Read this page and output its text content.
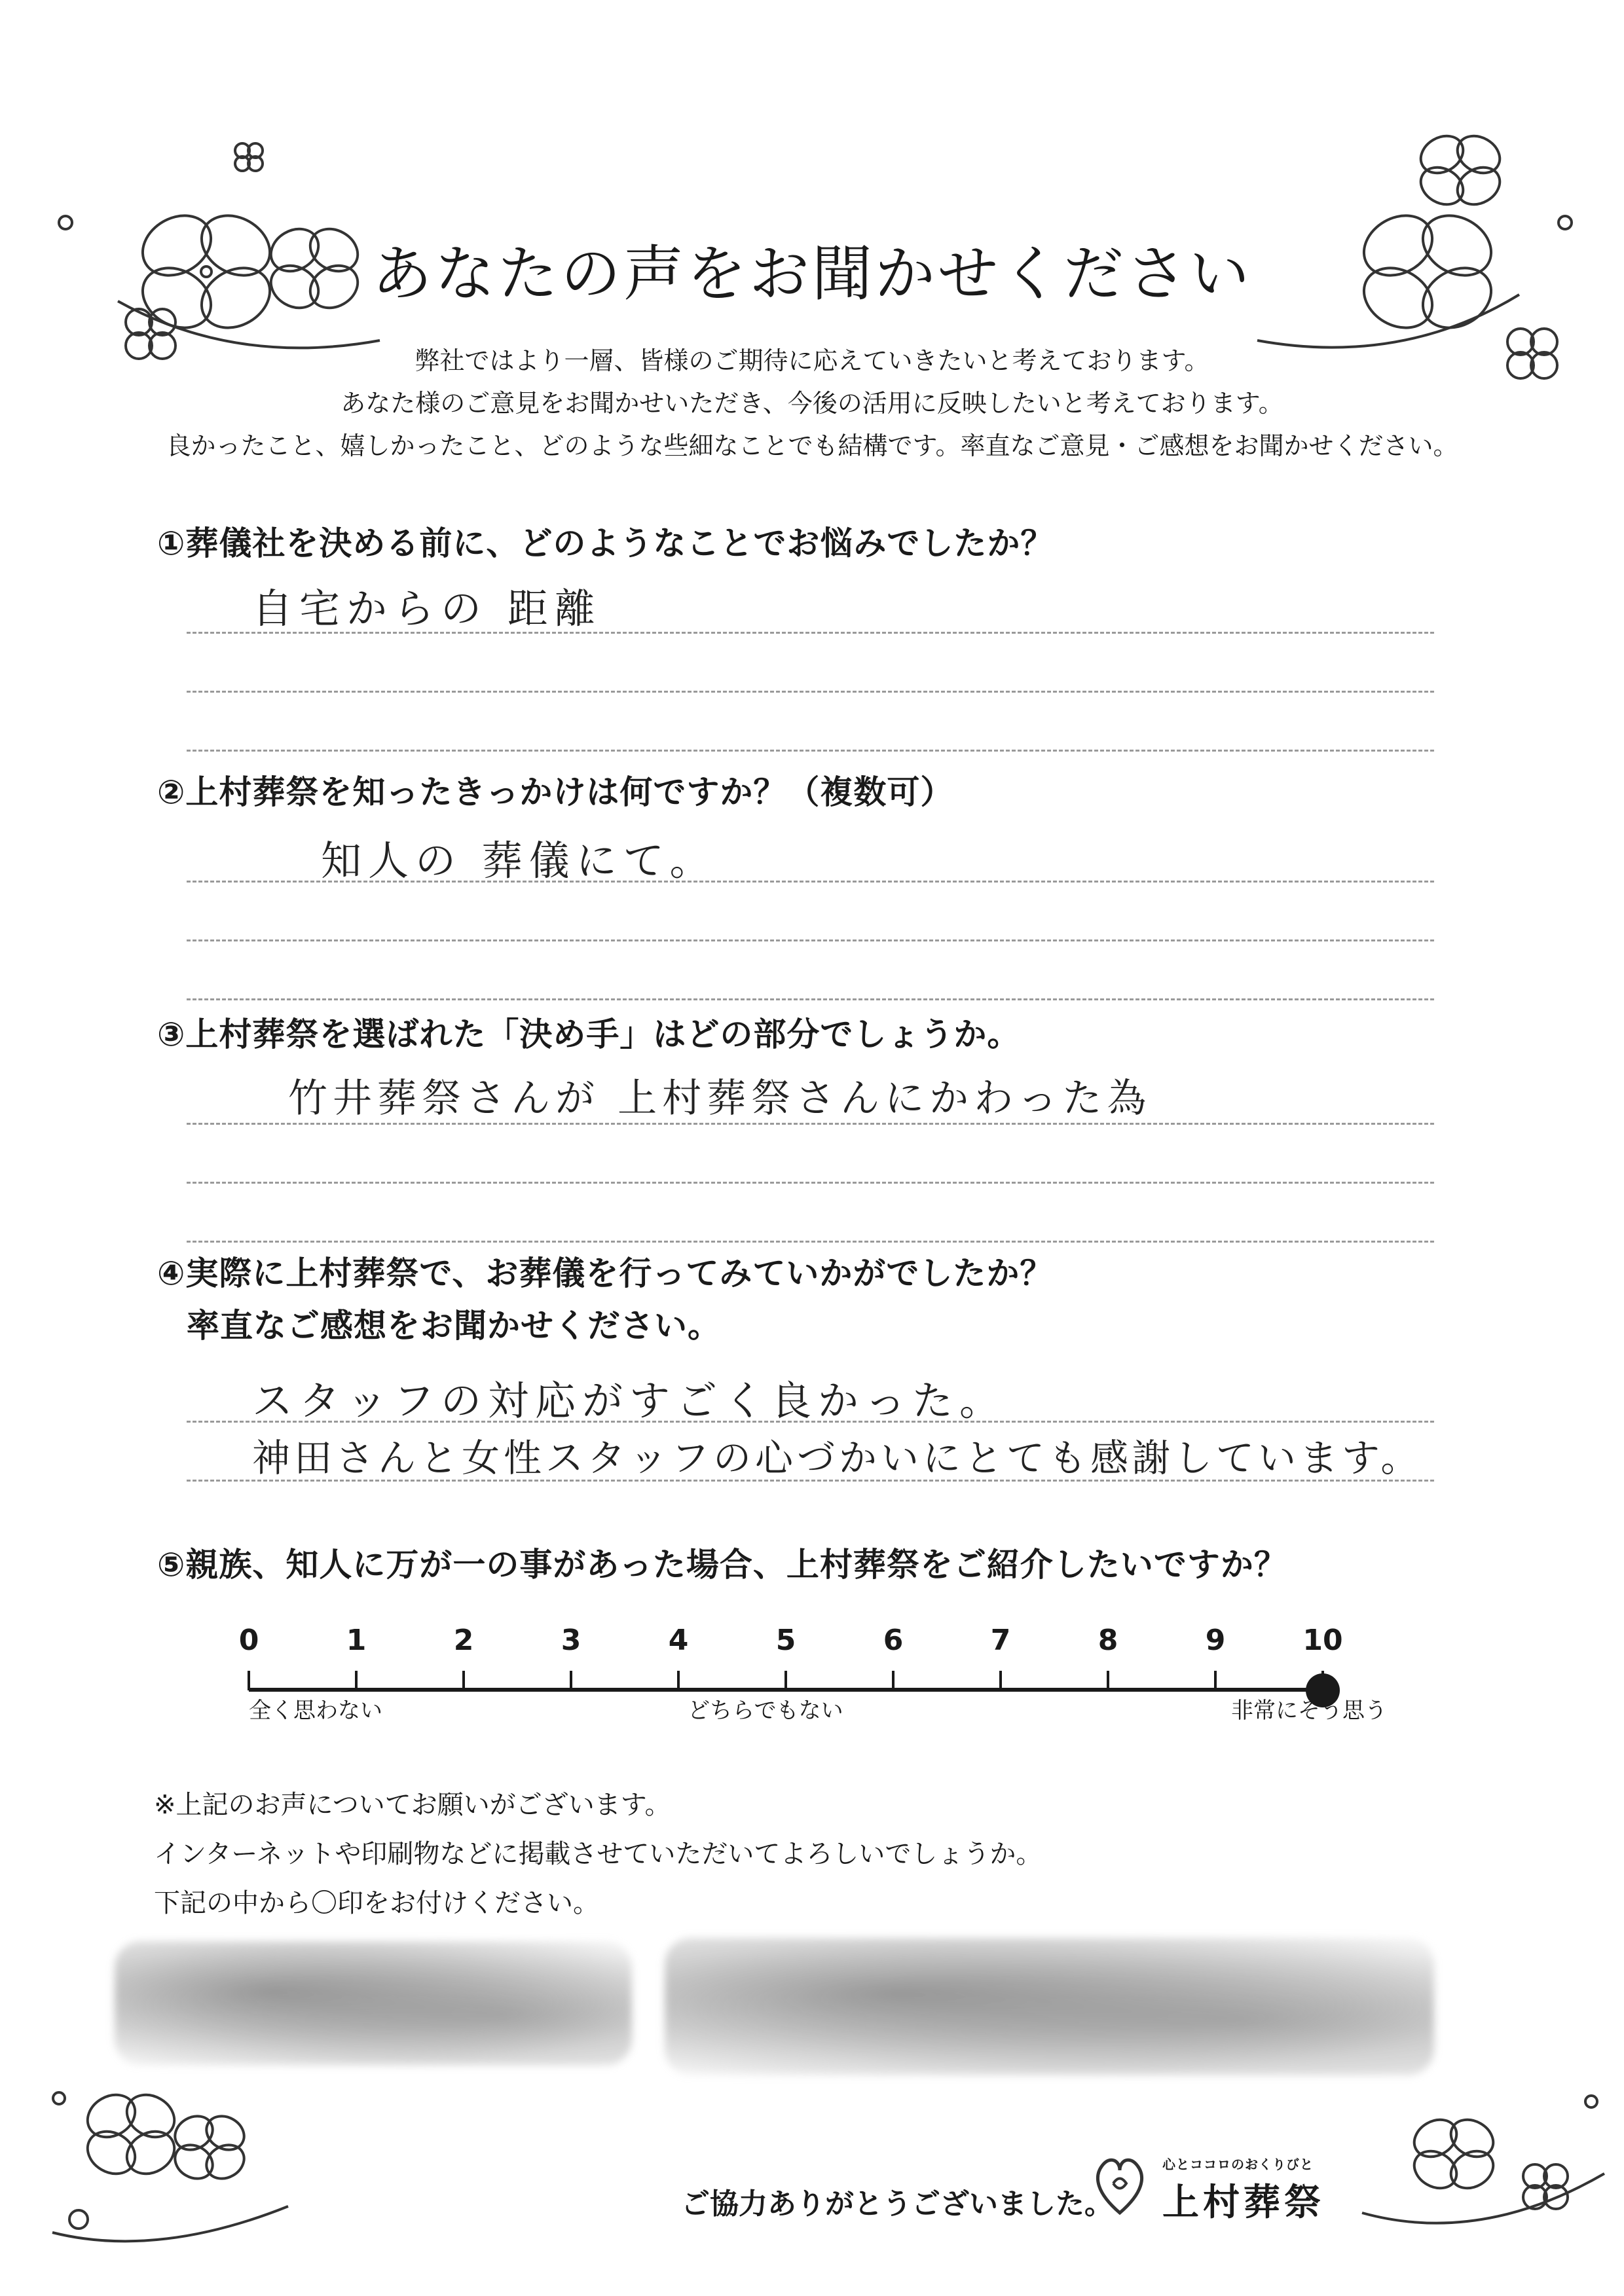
あなたの声をお聞かせください
弊社ではより一層、皆様のご期待に応えていきたいと考えております。
あなた様のご意見をお聞かせいただき、今後の活用に反映したいと考えております。
良かったこと、嬉しかったこと、どのような些細なことでも結構です。率直なご意見・ご感想をお聞かせください。
①葬儀社を決める前に、どのようなことでお悩みでしたか？
自宅からの 距離
②上村葬祭を知ったきっかけは何ですか？（複数可）
知人の 葬儀にて。
③上村葬祭を選ばれた「決め手」はどの部分でしょうか。
竹井葬祭さんが 上村葬祭さんにかわった為
④実際に上村葬祭で、お葬儀を行ってみていかがでしたか？
率直なご感想をお聞かせください。
スタッフの対応がすごく良かった。
神田さんと女性スタッフの心づかいにとても感謝しています。
⑤親族、知人に万が一の事があった場合、上村葬祭をご紹介したいですか？
0	1	2	3	4	5	6	7	8	9	10
全く思わない	どちらでもない	非常にそう思う
※上記のお声についてお願いがございます。
インターネットや印刷物などに掲載させていただいてよろしいでしょうか。
下記の中から〇印をお付けください。
ご協力ありがとうございました。
心とココロのおくりびと
上村葬祭
